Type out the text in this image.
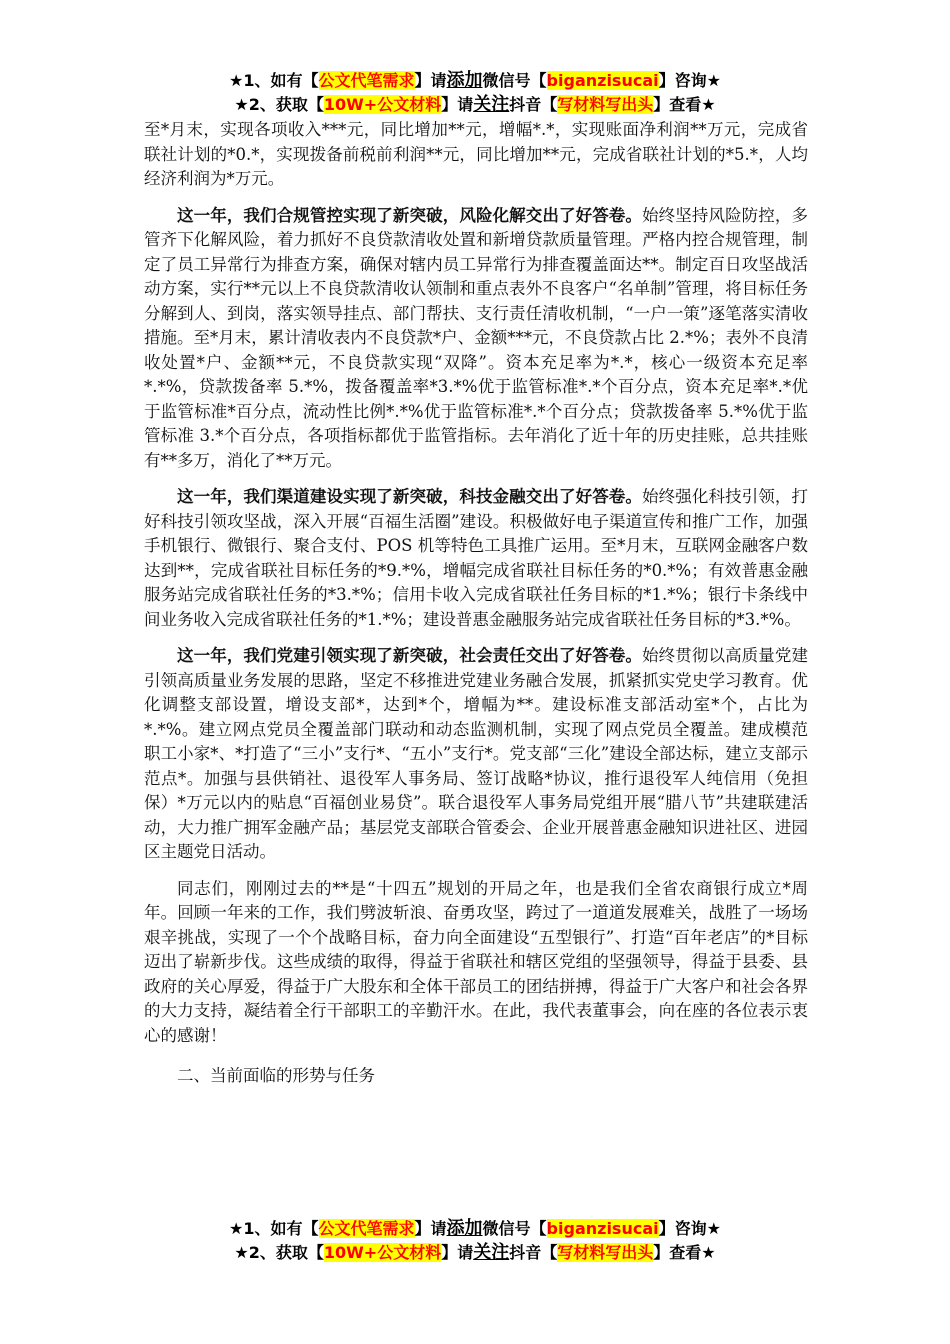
★1、如有【公文代笔需求】请添加微信号【biganzisucai】咨询★
★2、获取【10W+公文材料】请关注抖音【写材料写出头】查看★

至*月末，实现各项收入***元，同比增加**元，增幅*.*，实现账面净利润**万元，完成省联社计划的*0.*，实现拨备前税前利润**元，同比增加**元，完成省联社计划的*5.*，人均经济利润为*万元。

这一年，我们合规管控实现了新突破，风险化解交出了好答卷。始终坚持风险防控，多管齐下化解风险，着力抓好不良贷款清收处置和新增贷款质量管理。严格内控合规管理，制定了员工异常行为排查方案，确保对辖内员工异常行为排查覆盖面达**。制定百日攻坚战活动方案，实行**元以上不良贷款清收认领制和重点表外不良客户“名单制”管理，将目标任务分解到人、到岗，落实领导挂点、部门帮扶、支行责任清收机制，“一户一策”逐笔落实清收措施。至*月末，累计清收表内不良贷款*户、金额***元，不良贷款占比 2.*%；表外不良清收处置*户、金额**元，不良贷款实现“双降”。资本充足率为*.*，核心一级资本充足率*.*%，贷款拨备率 5.*%，拨备覆盖率*3.*%优于监管标准*.*个百分点，资本充足率*.*优于监管标准*百分点，流动性比例*.*%优于监管标准*.*个百分点；贷款拨备率 5.*%优于监管标准 3.*个百分点，各项指标都优于监管指标。去年消化了近十年的历史挂账，总共挂账有**多万，消化了**万元。

这一年，我们渠道建设实现了新突破，科技金融交出了好答卷。始终强化科技引领，打好科技引领攻坚战，深入开展“百福生活圈”建设。积极做好电子渠道宣传和推广工作，加强手机银行、微银行、聚合支付、POS 机等特色工具推广运用。至*月末，互联网金融客户数达到**，完成省联社目标任务的*9.*%，增幅完成省联社目标任务的*0.*%；有效普惠金融服务站完成省联社任务的*3.*%；信用卡收入完成省联社任务目标的*1.*%；银行卡条线中间业务收入完成省联社任务的*1.*%；建设普惠金融服务站完成省联社任务目标的*3.*%。

这一年，我们党建引领实现了新突破，社会责任交出了好答卷。始终贯彻以高质量党建引领高质量业务发展的思路，坚定不移推进党建业务融合发展，抓紧抓实党史学习教育。优化调整支部设置，增设支部*，达到*个，增幅为**。建设标准支部活动室*个，占比为*.*%。建立网点党员全覆盖部门联动和动态监测机制，实现了网点党员全覆盖。建成模范职工小家*、*打造了“三小”支行*、“五小”支行*。党支部“三化”建设全部达标，建立支部示范点*。加强与县供销社、退役军人事务局、签订战略*协议，推行退役军人纯信用（免担保）*万元以内的贴息“百福创业易贷”。联合退役军人事务局党组开展“腊八节”共建联建活动，大力推广拥军金融产品；基层党支部联合管委会、企业开展普惠金融知识进社区、进园区主题党日活动。

同志们，刚刚过去的**是“十四五”规划的开局之年，也是我们全省农商银行成立*周年。回顾一年来的工作，我们劈波斩浪、奋勇攻坚，跨过了一道道发展难关，战胜了一场场艰辛挑战，实现了一个个战略目标，奋力向全面建设“五型银行”、打造“百年老店”的*目标迈出了崭新步伐。这些成绩的取得，得益于省联社和辖区党组的坚强领导，得益于县委、县政府的关心厚爱，得益于广大股东和全体干部员工的团结拼搏，得益于广大客户和社会各界的大力支持，凝结着全行干部职工的辛勤汗水。在此，我代表董事会，向在座的各位表示衷心的感谢！

二、当前面临的形势与任务

★1、如有【公文代笔需求】请添加微信号【biganzisucai】咨询★
★2、获取【10W+公文材料】请关注抖音【写材料写出头】查看★
